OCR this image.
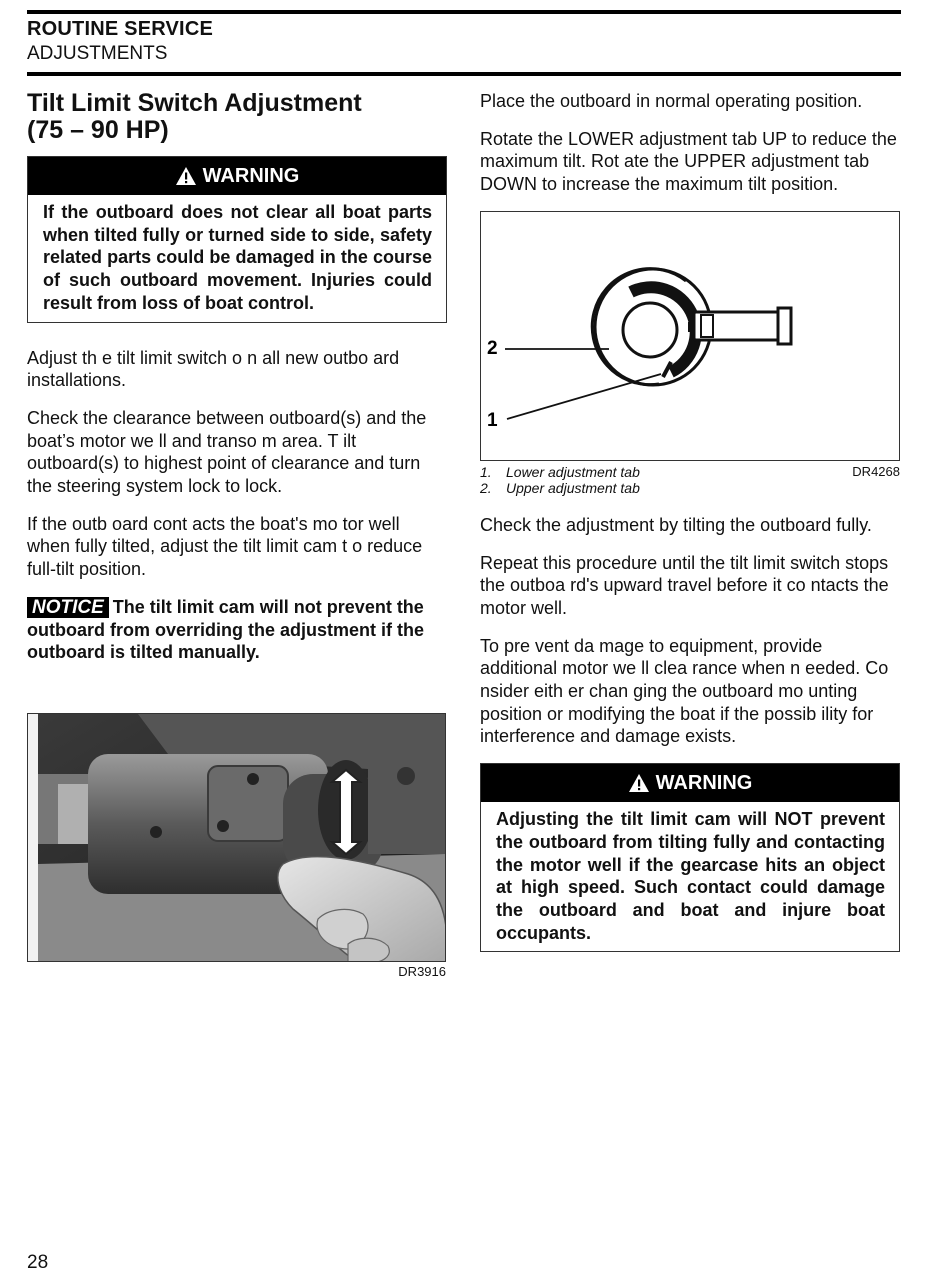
ROUTINE SERVICE
ADJUSTMENTS
Tilt Limit Switch Adjustment
(75 – 90 HP)
WARNING
If the outboard does not clear all boat parts when tilted fully or turned side to side, safety related parts could be damaged in the course of such outboard movement. Injuries could result from loss of boat control.

Adjust th e tilt limit switch o n all new outbo ard installations.

Check the clearance between outboard(s) and the boat’s motor we ll and transo m area. T ilt outboard(s) to highest point of clearance and turn the steering system lock to lock.

If the outb oard cont acts the boat's mo tor well when fully tilted, adjust the tilt limit cam t o reduce full-tilt position.

NOTICE The tilt limit cam will not prevent the outboard from overriding the adjustment if the outboard is tilted manually.
DR3916

Place the outboard in normal operating position.

Rotate the LOWER adjustment tab UP to reduce the maximum tilt. Rot ate the UPPER adjustment tab DOWN to increase the maximum tilt position.

2
1
1. Lower adjustment tab
2. Upper adjustment tab
DR4268

Check the adjustment by tilting the outboard fully.

Repeat this procedure until the tilt limit switch stops the outboa rd's upward travel before it co ntacts the motor well.

To pre vent da mage to equipment, provide additional motor we ll clea rance when n eeded. Co nsider eith er chan ging the outboard mo unting position or modifying the boat if the possib ility for interference and damage exists.

WARNING
Adjusting the tilt limit cam will NOT prevent the outboard from tilting fully and contacting the motor well if the gearcase hits an object at high speed. Such contact could damage the outboard and boat and injure boat occupants.
28
